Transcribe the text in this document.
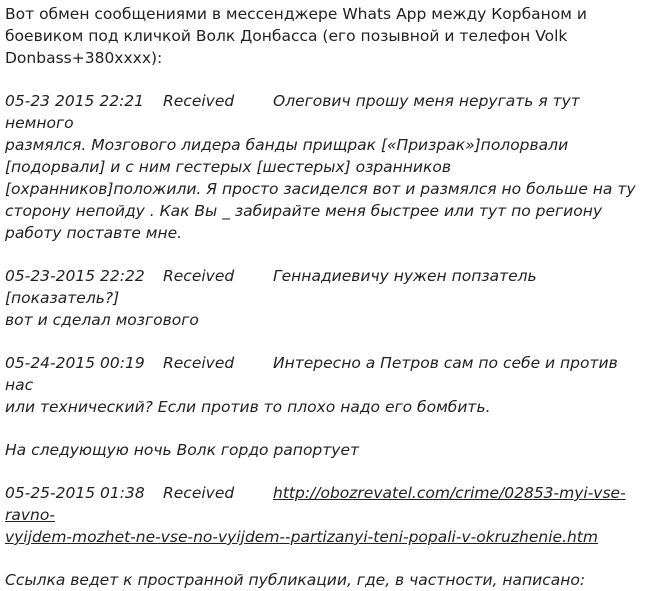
Вот обмен сообщениями в мессенджере Whats App между Корбаном и боевиком под кличкой Волк Донбасса (его позывной и телефон Volk Donbass+380хххх):

05-23 2015 22:21 Received	Олегович прошу меня неругать я тут немного
размялся. Мозгового лидера банды прищрак [«Призрак»]полорвали [подорвали] и с ним гестерых [шестерых] озранников [охранников]положили. Я просто засиделся вот и размялся но больше на ту сторону непойду . Как Вы _ забирайте меня быстрее или тут по региону работу поставте мне.

05-23-2015 22:22 Received	Геннадиевичу нужен попзатель [показатель?]
вот и сделал мозгового

05-24-2015 00:19 Received	Интересно а Петров сам по себе и против нас
или технический? Если против то плохо надо его бомбить.

На следующую ночь Волк гордо рапортует

05-25-2015 01:38 Received	http://obozrevatel.com/crime/02853-myi-vse-ravno-
vyijdem-mozhet-ne-vse-no-vyijdem--partizanyi-teni-popali-v-okruzhenie.htm

Ссылка ведет к пространной публикации, где, в частности, написано:
